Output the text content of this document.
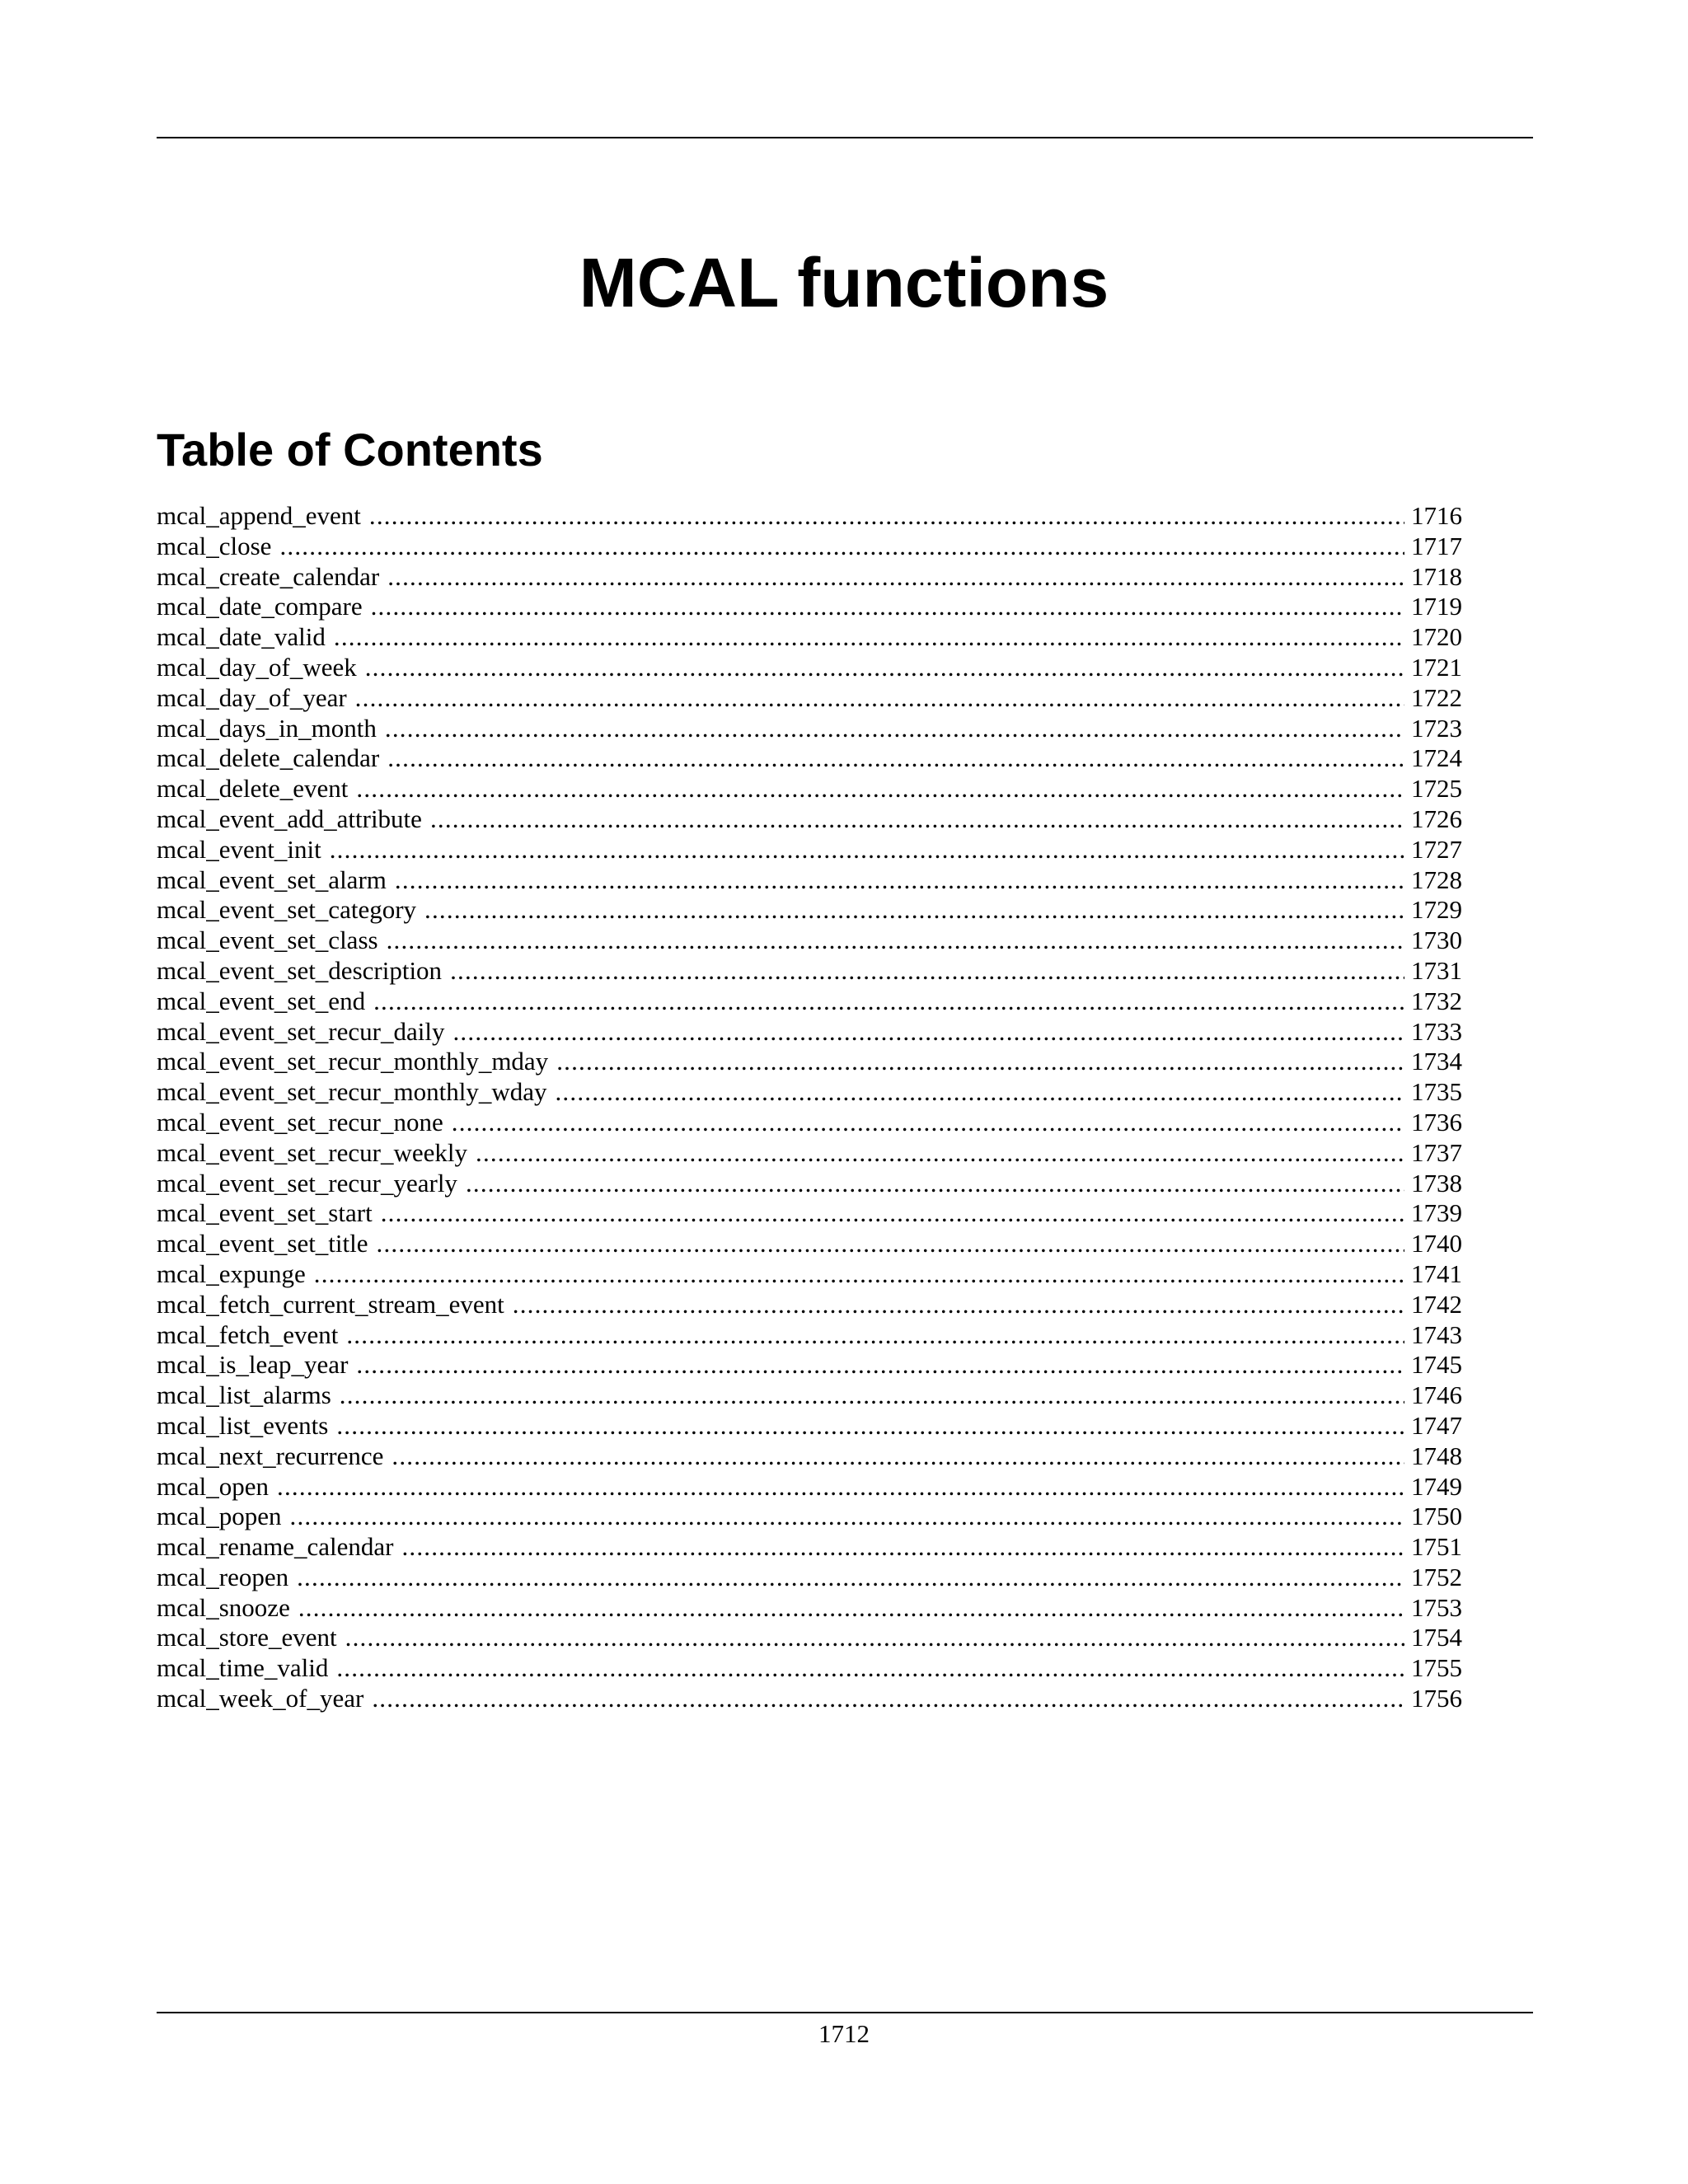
MCAL functions
Table of Contents
mcal_append_event .....	1716
mcal_close .....	1717
mcal_create_calendar .....	1718
mcal_date_compare .....	1719
mcal_date_valid .....	1720
mcal_day_of_week .....	1721
mcal_day_of_year .....	1722
mcal_days_in_month .....	1723
mcal_delete_calendar .....	1724
mcal_delete_event .....	1725
mcal_event_add_attribute .....	1726
mcal_event_init .....	1727
mcal_event_set_alarm .....	1728
mcal_event_set_category .....	1729
mcal_event_set_class .....	1730
mcal_event_set_description .....	1731
mcal_event_set_end .....	1732
mcal_event_set_recur_daily .....	1733
mcal_event_set_recur_monthly_mday .....	1734
mcal_event_set_recur_monthly_wday .....	1735
mcal_event_set_recur_none .....	1736
mcal_event_set_recur_weekly .....	1737
mcal_event_set_recur_yearly .....	1738
mcal_event_set_start .....	1739
mcal_event_set_title .....	1740
mcal_expunge .....	1741
mcal_fetch_current_stream_event .....	1742
mcal_fetch_event .....	1743
mcal_is_leap_year .....	1745
mcal_list_alarms .....	1746
mcal_list_events .....	1747
mcal_next_recurrence .....	1748
mcal_open .....	1749
mcal_popen .....	1750
mcal_rename_calendar .....	1751
mcal_reopen .....	1752
mcal_snooze .....	1753
mcal_store_event .....	1754
mcal_time_valid .....	1755
mcal_week_of_year .....	1756
1712
